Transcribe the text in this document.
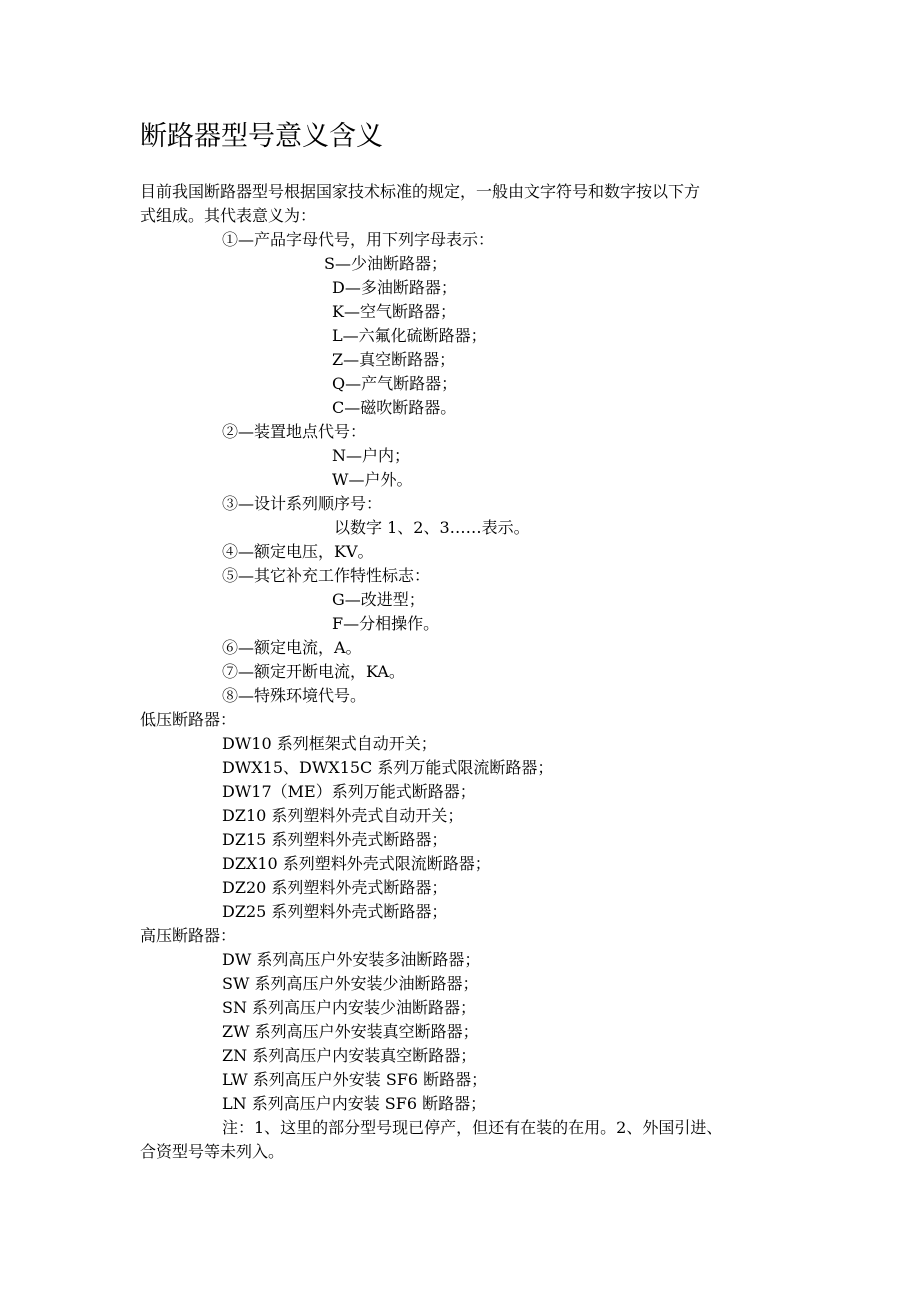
断路器型号意义含义
目前我国断路器型号根据国家技术标准的规定，一般由文字符号和数字按以下方
式组成。其代表意义为：
①—产品字母代号，用下列字母表示：
S—少油断路器；
D—多油断路器；
K—空气断路器；
L—六氟化硫断路器；
Z—真空断路器；
Q—产气断路器；
C—磁吹断路器。
②—装置地点代号：
N—户内；
W—户外。
③—设计系列顺序号：
以数字 1、2、3……表示。
④—额定电压，KV。
⑤—其它补充工作特性标志：
G—改进型；
F—分相操作。
⑥—额定电流，A。
⑦—额定开断电流，KA。
⑧—特殊环境代号。
低压断路器：
DW10 系列框架式自动开关；
DWX15、DWX15C 系列万能式限流断路器；
DW17（ME）系列万能式断路器；
DZ10 系列塑料外壳式自动开关；
DZ15 系列塑料外壳式断路器；
DZX10 系列塑料外壳式限流断路器；
DZ20 系列塑料外壳式断路器；
DZ25 系列塑料外壳式断路器；
高压断路器：
DW 系列高压户外安装多油断路器；
SW 系列高压户外安装少油断路器；
SN 系列高压户内安装少油断路器；
ZW 系列高压户外安装真空断路器；
ZN 系列高压户内安装真空断路器；
LW 系列高压户外安装 SF6 断路器；
LN 系列高压户内安装 SF6 断路器；
注：1、这里的部分型号现已停产，但还有在装的在用。2、外国引进、
合资型号等未列入。
